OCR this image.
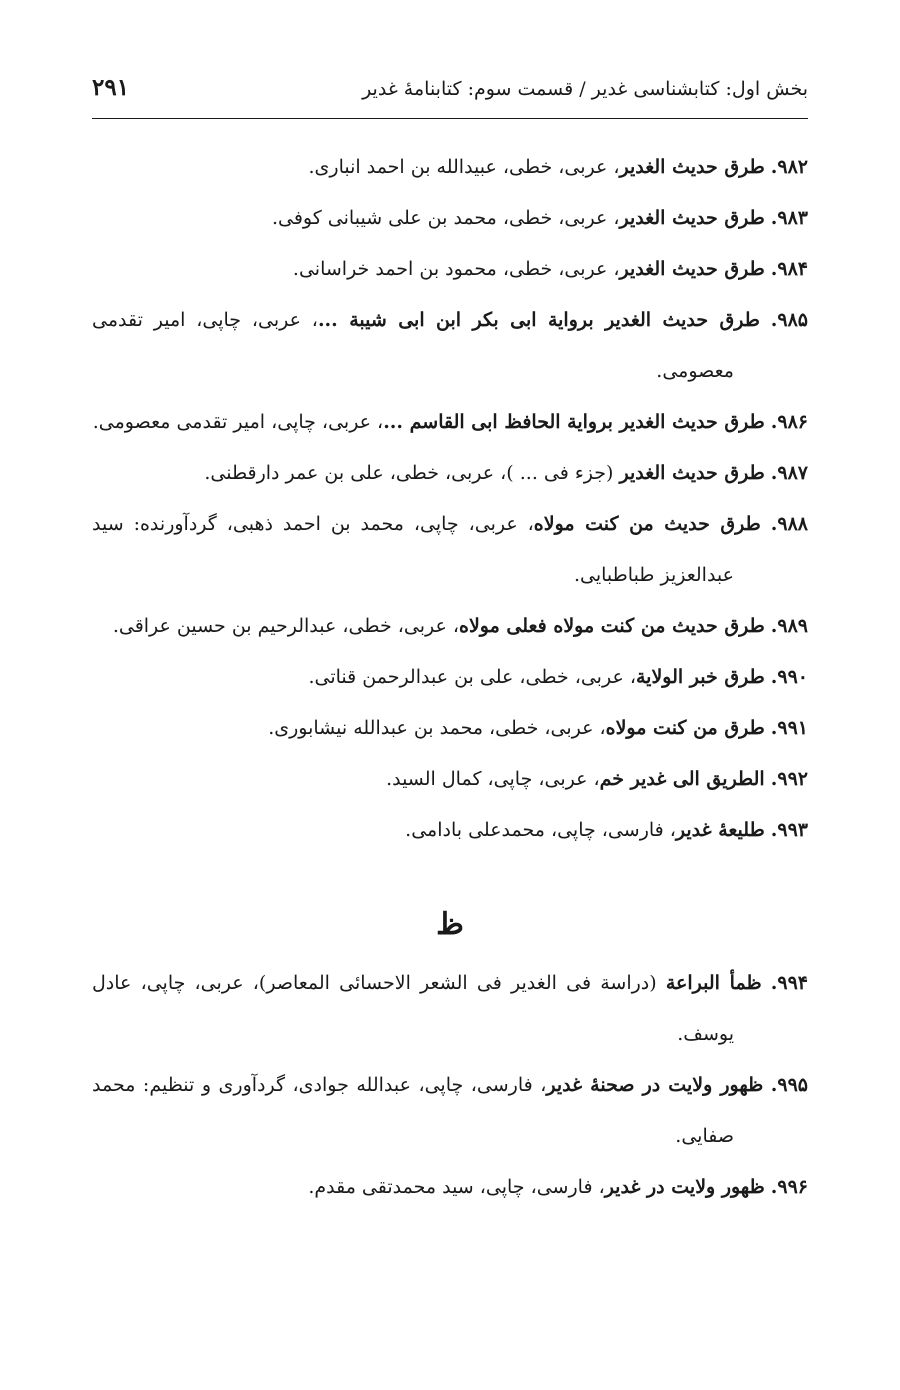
بخش اول: کتابشناسی غدیر / قسمت سوم: کتابنامۀ غدیر
۲۹۱

۹۸۲. طرق حديث الغدير، عربی، خطی، عبیدالله بن احمد انباری.

۹۸۳. طرق حديث الغدير، عربی، خطی، محمد بن علی شیبانی کوفی.

۹۸۴. طرق حديث الغدير، عربی، خطی، محمود بن احمد خراسانی.

۹۸۵. طرق حديث الغدير برواية ابی بکر ابن ابی شيبة ...، عربی، چاپی، امیر تقدمی معصومی.

۹۸۶. طرق حديث الغدير برواية الحافظ ابی القاسم ...، عربی، چاپی، امیر تقدمی معصومی.

۹۸۷. طرق حديث الغدير (جزء فی ... )، عربی، خطی، علی بن عمر دارقطنی.

۹۸۸. طرق حديث من كنت مولاه، عربی، چاپی، محمد بن احمد ذهبی، گردآورنده: سید عبدالعزیز طباطبایی.

۹۸۹. طرق حديث من كنت مولاه فعلی مولاه، عربی، خطی، عبدالرحیم بن حسین عراقی.

۹۹۰. طرق خبر الولاية، عربی، خطی، علی بن عبدالرحمن قناتی.

۹۹۱. طرق من كنت مولاه، عربی، خطی، محمد بن عبدالله نیشابوری.

۹۹۲. الطريق الی غدير خم، عربی، چاپی، کمال السید.

۹۹۳. طليعۀ غدير، فارسی، چاپی، محمدعلی بادامی.

ظ

۹۹۴. ظمأ البراعة (دراسة فی الغدير فی الشعر الاحسائی المعاصر)، عربی، چاپی، عادل یوسف.

۹۹۵. ظهور ولايت در صحنۀ غدير، فارسی، چاپی، عبدالله جوادی، گردآوری و تنظیم: محمد صفایی.

۹۹۶. ظهور ولايت در غدير، فارسی، چاپی، سید محمدتقی مقدم.
